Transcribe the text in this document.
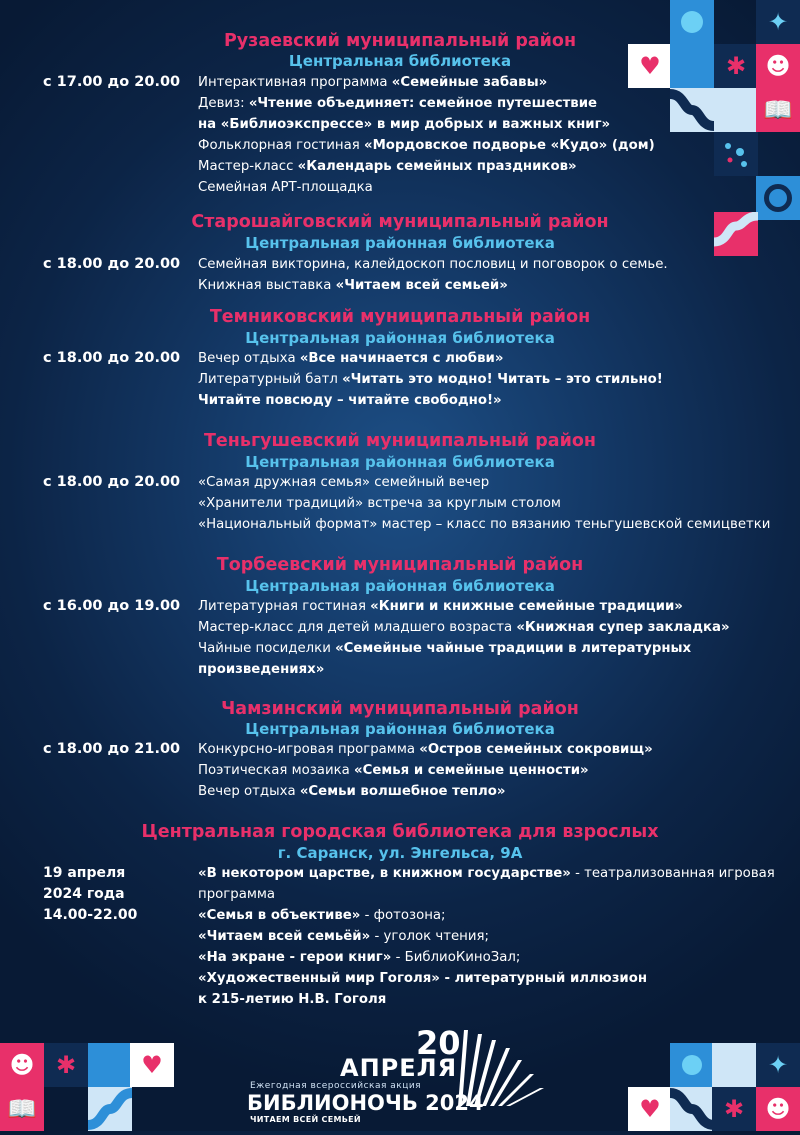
Рузаевский муниципальный район
Центральная библиотека
с 17.00 до 20.00 Интерактивная программа «Семейные забавы»
Девиз: «Чтение объединяет: семейное путешествие
на «Библиоэкспрессе» в мир добрых и важных книг»
Фольклорная гостиная «Мордовское подворье «Кудо» (дом)
Мастер-класс «Календарь семейных праздников»
Семейная АРТ-площадка
Старошайговский муниципальный район
Центральная районная библиотека
с 18.00 до 20.00 Семейная викторина, калейдоскоп пословиц и поговорок о семье.
Книжная выставка «Читаем всей семьей»
Темниковский муниципальный район
Центральная районная библиотека
с 18.00 до 20.00 Вечер отдыха «Все начинается с любви»
Литературный батл «Читать это модно! Читать – это стильно!
Читайте повсюду – читайте свободно!»
Теньгушевский муниципальный район
Центральная районная библиотека
с 18.00 до 20.00 «Самая дружная семья» семейный вечер
«Хранители традиций» встреча за круглым столом
«Национальный формат» мастер – класс по вязанию теньгушевской семицветки
Торбеевский муниципальный район
Центральная районная библиотека
с 16.00 до 19.00 Литературная гостиная «Книги и книжные семейные традиции»
Мастер-класс для детей младшего возраста «Книжная супер закладка»
Чайные посиделки «Семейные чайные традиции в литературных
произведениях»
Чамзинский муниципальный район
Центральная районная библиотека
с 18.00 до 21.00 Конкурсно-игровая программа «Остров семейных сокровищ»
Поэтическая мозаика «Семья и семейные ценности»
Вечер отдыха «Семьи волшебное тепло»
Центральная городская библиотека для взрослых
г. Саранск, ул. Энгельса, 9А
19 апреля
2024 года
14.00-22.00
«В некотором царстве, в книжном государстве» - театрализованная игровая
программа
«Семья в объективе» - фотозона;
«Читаем всей семьёй» - уголок чтения;
«На экране - герои книг» - БиблиоКиноЗал;
«Художественный мир Гоголя» - литературный иллюзион
к 215-летию Н.В. Гоголя
✦
♥	✱ ☻
📖
☻ ✱	♥
📖
✦
♥	✱ ☻
20
АПРЕЛЯ
Ежегодная всероссийская акция
БИБЛИОНОЧЬ 2024
ЧИТАЕМ ВСЕЙ СЕМЬЕЙ
